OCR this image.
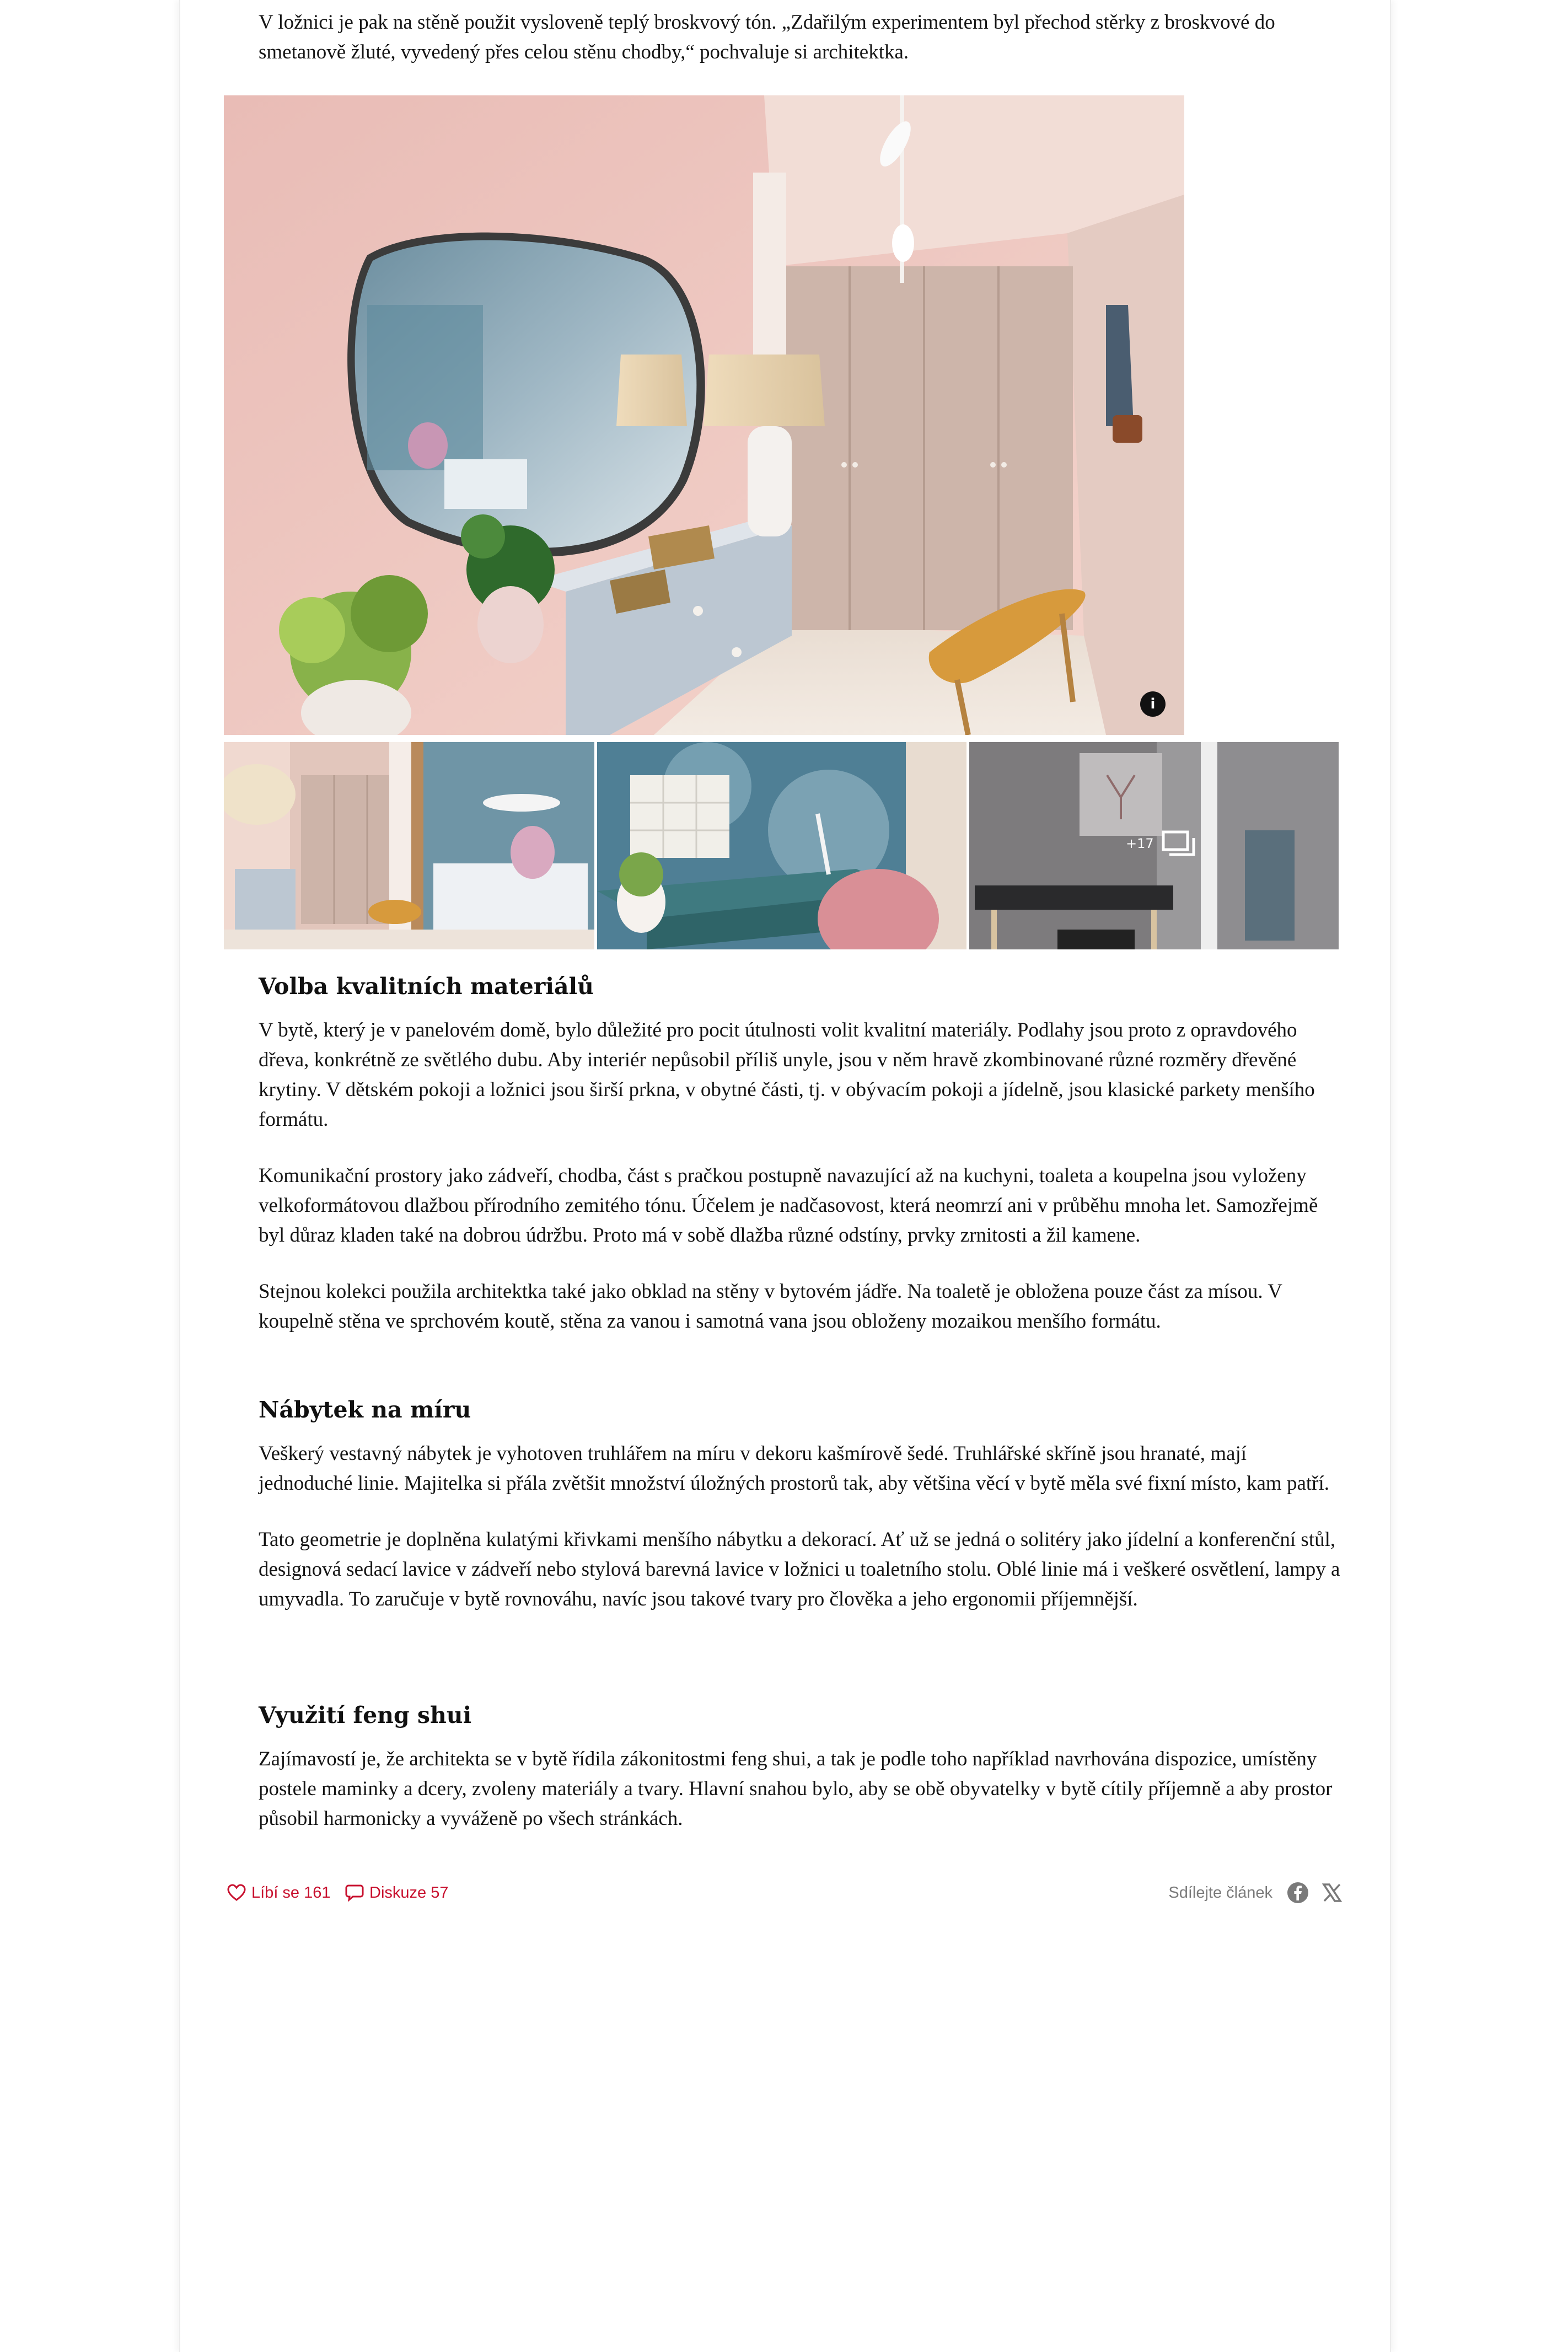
V ložnici je pak na stěně použit vysloveně teplý broskvový tón. „Zdařilým experimentem byl přechod stěrky z broskvové do smetanově žluté, vyvedený přes celou stěnu chodby,“ pochvaluje si architektka.

i
+17
Volba kvalitních materiálů

V bytě, který je v panelovém domě, bylo důležité pro pocit útulnosti volit kvalitní materiály. Podlahy jsou proto z opravdového dřeva, konkrétně ze světlého dubu. Aby interiér nepůsobil příliš unyle, jsou v něm hravě zkombinované různé rozměry dřevěné krytiny. V dětském pokoji a ložnici jsou širší prkna, v obytné části, tj. v obývacím pokoji a jídelně, jsou klasické parkety menšího formátu.

Komunikační prostory jako zádveří, chodba, část s pračkou postupně navazující až na kuchyni, toaleta a koupelna jsou vyloženy velkoformátovou dlažbou přírodního zemitého tónu. Účelem je nadčasovost, která neomrzí ani v průběhu mnoha let. Samozřejmě byl důraz kladen také na dobrou údržbu. Proto má v sobě dlažba různé odstíny, prvky zrnitosti a žil kamene.

Stejnou kolekci použila architektka také jako obklad na stěny v bytovém jádře. Na toaletě je obložena pouze část za mísou. V koupelně stěna ve sprchovém koutě, stěna za vanou i samotná vana jsou obloženy mozaikou menšího formátu.

Nábytek na míru

Veškerý vestavný nábytek je vyhotoven truhlářem na míru v dekoru kašmírově šedé. Truhlářské skříně jsou hranaté, mají jednoduché linie. Majitelka si přála zvětšit množství úložných prostorů tak, aby většina věcí v bytě měla své fixní místo, kam patří.

Tato geometrie je doplněna kulatými křivkami menšího nábytku a dekorací. Ať už se jedná o solitéry jako jídelní a konferenční stůl, designová sedací lavice v zádveří nebo stylová barevná lavice v ložnici u toaletního stolu. Oblé linie má i veškeré osvětlení, lampy a umyvadla. To zaručuje v bytě rovnováhu, navíc jsou takové tvary pro člověka a jeho ergonomii příjemnější.

Využití feng shui

Zajímavostí je, že architekta se v bytě řídila zákonitostmi feng shui, a tak je podle toho například navrhována dispozice, umístěny postele maminky a dcery, zvoleny materiály a tvary. Hlavní snahou bylo, aby se obě obyvatelky v bytě cítily příjemně a aby prostor působil harmonicky a vyváženě po všech stránkách.

Líbí se 161 Diskuze 57	Sdílejte článek
